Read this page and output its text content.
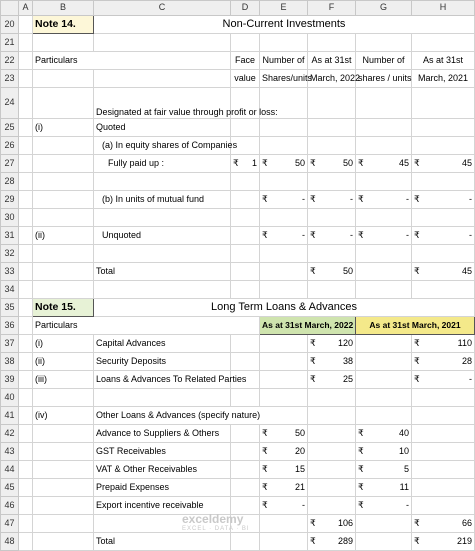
	A	B	C	D	E	F	G	H
20		Note 14.	Non-Current Investments					
21								
22		Particulars		Face	Number of	As at 31st	Number of	As at 31st
23				value	Shares/units	March, 2022	shares / units	March, 2021
24			Designated at fair value through profit or loss:					
25		(i)	Quoted					
26			(a) In equity shares of Companies					
27			Fully paid up :	₹ 1	₹ 50	₹ 50	₹ 45	₹ 45

28								
29			(b) In units of mutual fund		₹ -	₹ -	₹ -	₹ -

30								
31		(ii)	Unquoted		₹ -	₹ -	₹ -	₹ -

32								
33			Total			₹ 50		₹ 45

34								
35		Note 15.	Long Term Loans & Advances					
36		Particulars			As at 31st March, 2022		As at 31st March, 2021	
37		(i)	Capital Advances			₹ 120		₹ 110

38		(ii)	Security Deposits			₹ 38		₹ 28

39		(iii)	Loans & Advances To Related Parties			₹ 25		₹ -

40								
41		(iv)	Other Loans & Advances (specify nature)					
42			Advance to Suppliers & Others		₹ 50		₹ 40	

43			GST Receivables		₹ 20		₹ 10	

44			VAT & Other Receivables		₹ 15		₹ 5	

45			Prepaid Expenses		₹ 21		₹ 11	

46			Export incentive receivable		₹ -		₹ -	

47						₹ 106		₹ 66

48			Total			₹ 289		₹ 219
exceldemy
EXCEL · DATA · BI
